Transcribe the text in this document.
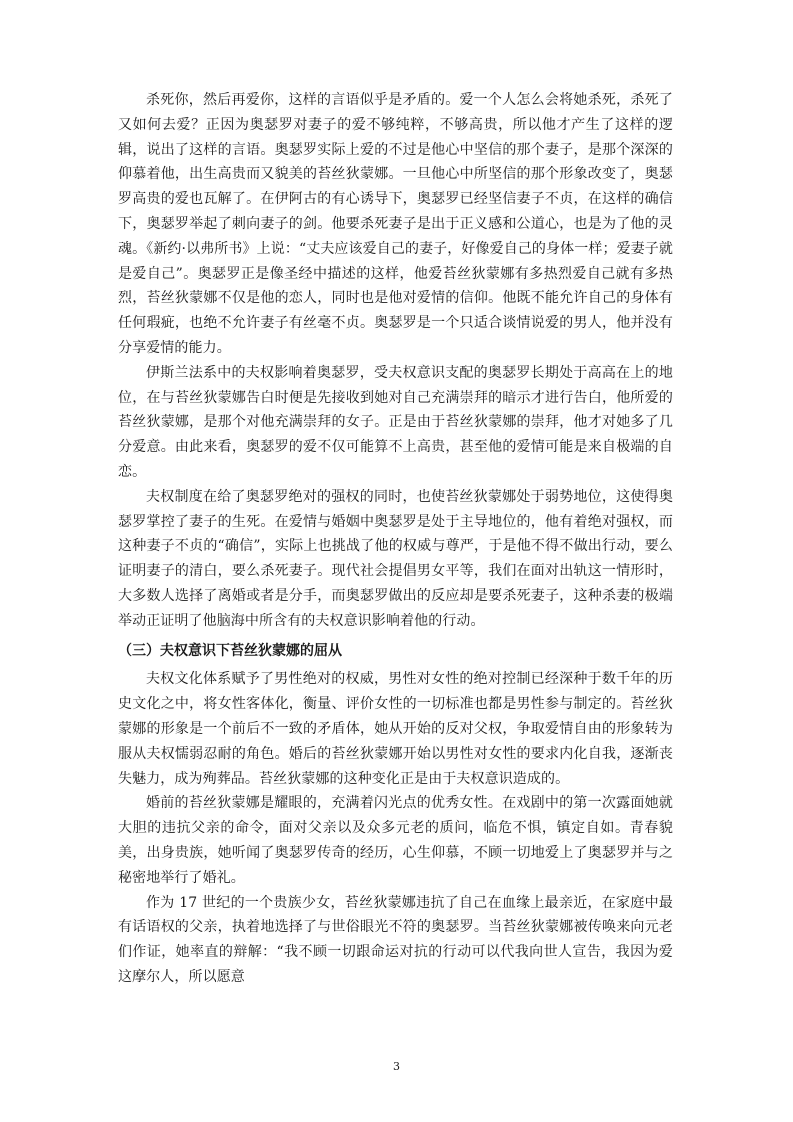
杀死你，然后再爱你，这样的言语似乎是矛盾的。爱一个人怎么会将她杀死，杀死了又如何去爱？正因为奥瑟罗对妻子的爱不够纯粹，不够高贵，所以他才产生了这样的逻辑，说出了这样的言语。奥瑟罗实际上爱的不过是他心中坚信的那个妻子，是那个深深的仰慕着他，出生高贵而又貌美的苔丝狄蒙娜。一旦他心中所坚信的那个形象改变了，奥瑟罗高贵的爱也瓦解了。在伊阿古的有心诱导下，奥瑟罗已经坚信妻子不贞，在这样的确信下，奥瑟罗举起了刺向妻子的剑。他要杀死妻子是出于正义感和公道心，也是为了他的灵魂。《新约·以弗所书》上说：“丈夫应该爱自己的妻子，好像爱自己的身体一样；爱妻子就是爱自己”。奥瑟罗正是像圣经中描述的这样，他爱苔丝狄蒙娜有多热烈爱自己就有多热烈，苔丝狄蒙娜不仅是他的恋人，同时也是他对爱情的信仰。他既不能允许自己的身体有任何瑕疵，也绝不允许妻子有丝毫不贞。奥瑟罗是一个只适合谈情说爱的男人，他并没有分享爱情的能力。

伊斯兰法系中的夫权影响着奥瑟罗，受夫权意识支配的奥瑟罗长期处于高高在上的地位，在与苔丝狄蒙娜告白时便是先接收到她对自己充满崇拜的暗示才进行告白，他所爱的苔丝狄蒙娜，是那个对他充满崇拜的女子。正是由于苔丝狄蒙娜的崇拜，他才对她多了几分爱意。由此来看，奥瑟罗的爱不仅可能算不上高贵，甚至他的爱情可能是来自极端的自恋。

夫权制度在给了奥瑟罗绝对的强权的同时，也使苔丝狄蒙娜处于弱势地位，这使得奥瑟罗掌控了妻子的生死。在爱情与婚姻中奥瑟罗是处于主导地位的，他有着绝对强权，而这种妻子不贞的“确信”，实际上也挑战了他的权威与尊严，于是他不得不做出行动，要么证明妻子的清白，要么杀死妻子。现代社会提倡男女平等，我们在面对出轨这一情形时，大多数人选择了离婚或者是分手，而奥瑟罗做出的反应却是要杀死妻子，这种杀妻的极端举动正证明了他脑海中所含有的夫权意识影响着他的行动。

（三）夫权意识下苔丝狄蒙娜的屈从

夫权文化体系赋予了男性绝对的权威，男性对女性的绝对控制已经深种于数千年的历史文化之中，将女性客体化，衡量、评价女性的一切标准也都是男性参与制定的。苔丝狄蒙娜的形象是一个前后不一致的矛盾体，她从开始的反对父权，争取爱情自由的形象转为服从夫权懦弱忍耐的角色。婚后的苔丝狄蒙娜开始以男性对女性的要求内化自我，逐渐丧失魅力，成为殉葬品。苔丝狄蒙娜的这种变化正是由于夫权意识造成的。

婚前的苔丝狄蒙娜是耀眼的，充满着闪光点的优秀女性。在戏剧中的第一次露面她就大胆的违抗父亲的命令，面对父亲以及众多元老的质问，临危不惧，镇定自如。青春貌美，出身贵族，她听闻了奥瑟罗传奇的经历，心生仰慕，不顾一切地爱上了奥瑟罗并与之秘密地举行了婚礼。

作为 17 世纪的一个贵族少女，苔丝狄蒙娜违抗了自己在血缘上最亲近，在家庭中最有话语权的父亲，执着地选择了与世俗眼光不符的奥瑟罗。当苔丝狄蒙娜被传唤来向元老们作证，她率直的辩解：“我不顾一切跟命运对抗的行动可以代我向世人宣告，我因为爱这摩尔人，所以愿意

3
